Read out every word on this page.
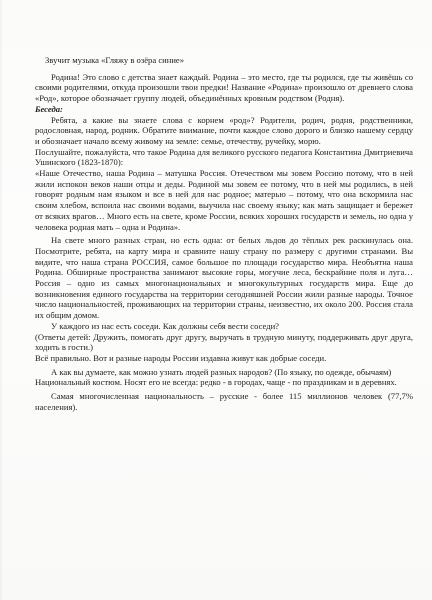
Звучит музыка «Гляжу в озёра синие»

Родина! Это слово с детства знает каждый. Родина – это место, где ты родился, где ты живёшь со своими родителями, откуда произошли твои предки! Название «Родина» произошло от древнего слова «Род», которое обозначает группу людей, объединённых кровным родством (Родня).

Беседа:

Ребята, а какие вы знаете слова с корнем «род»? Родители, родич, родня, родственники, родословная, народ, родник. Обратите внимание, почти каждое слово дорого и близко нашему сердцу и обозначает начало всему живому на земле: семье, отечеству, ручейку, морю.

Послушайте, пожалуйста, что такое Родина для великого русского педагога Константина Дмитриевича Ушинского (1823-1870):

«Наше Отечество, наша Родина – матушка Россия. Отечеством мы зовем Россию потому, что в ней жили испокон веков наши отцы и деды. Родиной мы зовем ее потому, что в ней мы родились, в ней говорят родным нам языком и все в ней для нас родное; матерью – потому, что она вскормила нас своим хлебом, вспоила нас своими водами, выучила нас своему языку; как мать защищает и бережет от всяких врагов… Много есть на свете, кроме России, всяких хороших государств и земель, но одна у человека родная мать – одна и Родина».

На свете много разных стран, но есть одна: от белых льдов до тёплых рек раскинулась она. Посмотрите, ребята, на карту мира и сравните нашу страну по размеру с другими странами. Вы видите, что наша страна РОССИЯ, самое большое по площади государство мира. Необъятна наша Родина. Обширные пространства занимают высокие горы, могучие леса, бескрайние поля и луга… Россия – одно из самых многонациональных и многокультурных государств мира. Еще до возникновения единого государства на территории сегодняшней России жили разные народы. Точное число национальностей, проживающих на территории страны, неизвестно, их около 200. Россия стала их общим домом.

У каждого из нас есть соседи. Как должны себя вести соседи?

(Ответы детей: Дружить, помогать друг другу, выручать в трудную минуту, поддерживать друг друга, ходить в гости.)

Всё правильно. Вот и разные народы России издавна живут как добрые соседи.

А как вы думаете, как можно узнать людей разных народов? (По языку, по одежде, обычаям)

Национальный костюм. Носят его не всегда: редко - в городах, чаще - по праздникам и в деревнях.

Самая многочисленная национальность – русские - более 115 миллионов человек (77,7% населения).
